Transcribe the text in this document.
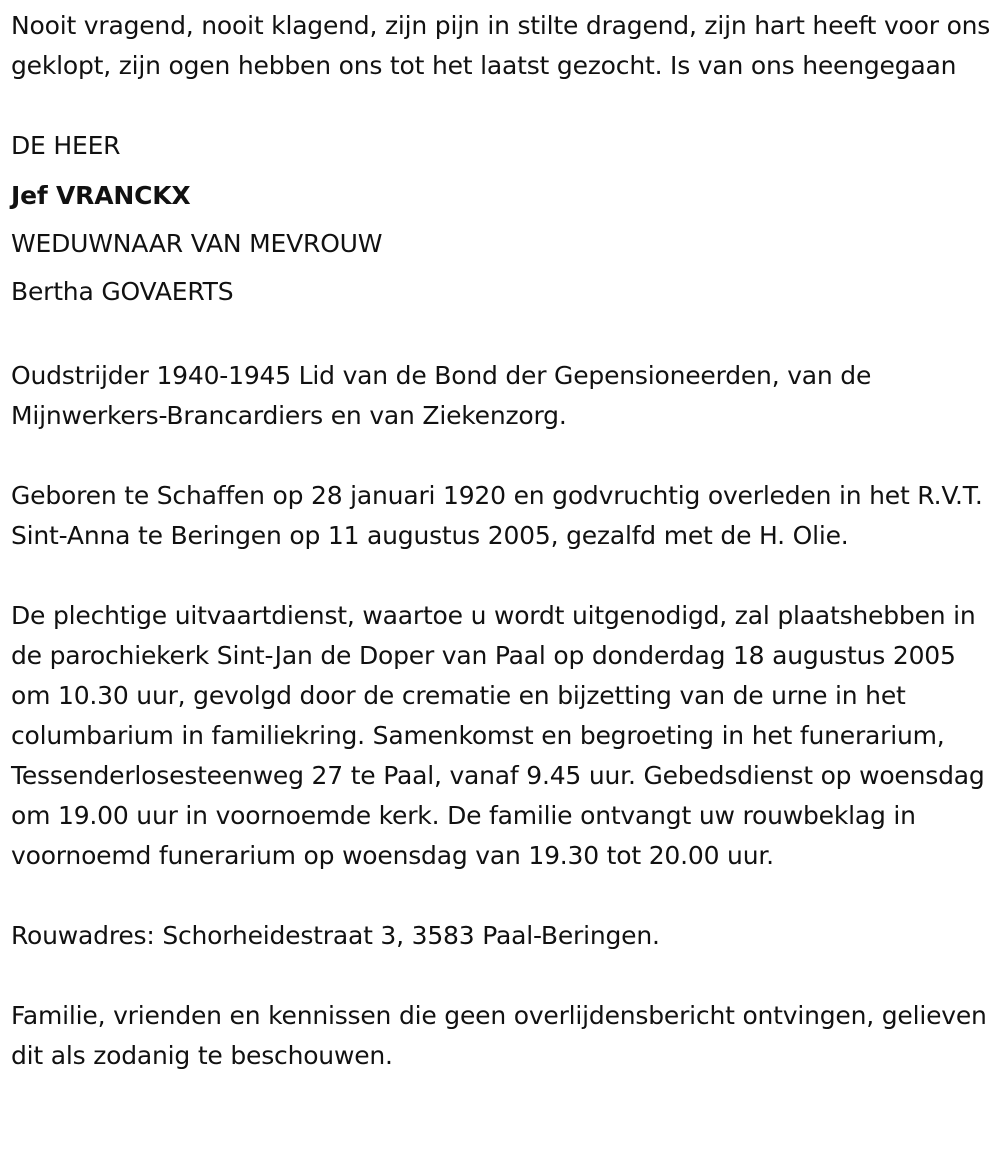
Nooit vragend, nooit klagend, zijn pijn in stilte dragend, zijn hart heeft voor ons geklopt, zijn ogen hebben ons tot het laatst gezocht. Is van ons heengegaan

DE HEER
Jef VRANCKX
WEDUWNAAR VAN MEVROUW
Bertha GOVAERTS

Oudstrijder 1940-1945 Lid van de Bond der Gepensioneerden, van de Mijnwerkers-Brancardiers en van Ziekenzorg.

Geboren te Schaffen op 28 januari 1920 en godvruchtig overleden in het R.V.T. Sint-Anna te Beringen op 11 augustus 2005, gezalfd met de H. Olie.

De plechtige uitvaartdienst, waartoe u wordt uitgenodigd, zal plaatshebben in de parochiekerk Sint-Jan de Doper van Paal op donderdag 18 augustus 2005 om 10.30 uur, gevolgd door de crematie en bijzetting van de urne in het columbarium in familiekring. Samenkomst en begroeting in het funerarium, Tessenderlosesteenweg 27 te Paal, vanaf 9.45 uur. Gebedsdienst op woensdag om 19.00 uur in voornoemde kerk. De familie ontvangt uw rouwbeklag in voornoemd funerarium op woensdag van 19.30 tot 20.00 uur.

Rouwadres: Schorheidestraat 3, 3583 Paal-Beringen.

Familie, vrienden en kennissen die geen overlijdensbericht ontvingen, gelieven dit als zodanig te beschouwen.
